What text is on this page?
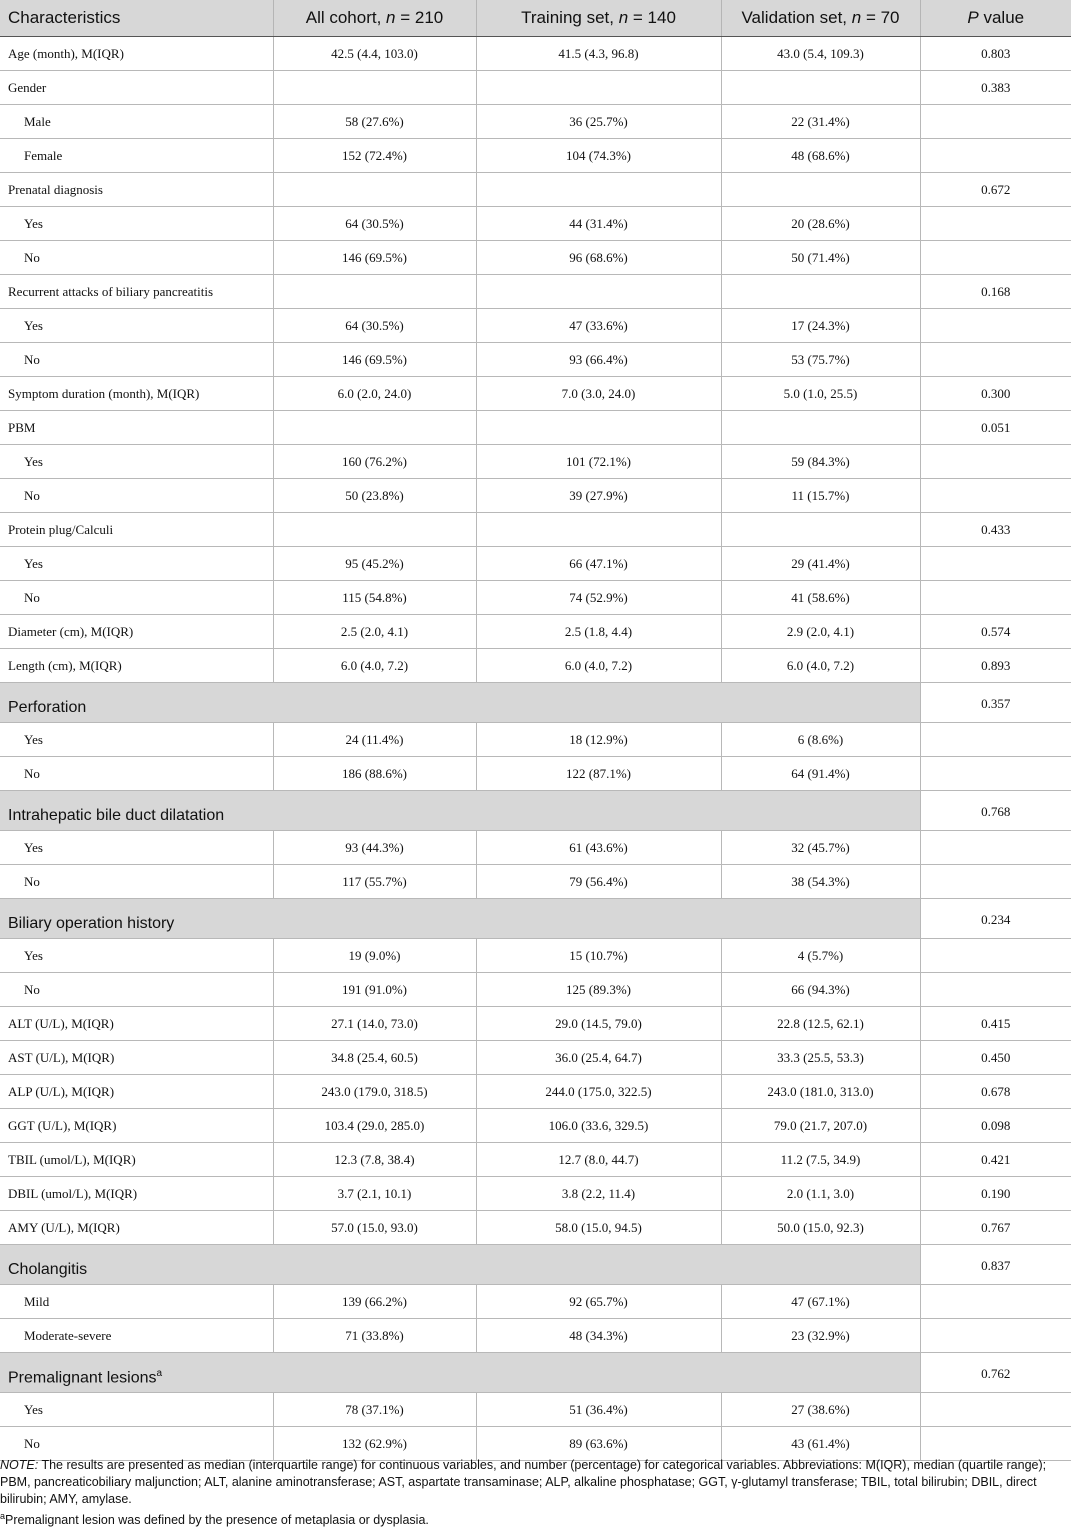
Characteristics	All cohort, n = 210	Training set, n = 140	Validation set, n = 70	P value
Age (month), M(IQR)	42.5 (4.4, 103.0)	41.5 (4.3, 96.8)	43.0 (5.4, 109.3)	0.803
Gender				0.383
Male	58 (27.6%)	36 (25.7%)	22 (31.4%)	
Female	152 (72.4%)	104 (74.3%)	48 (68.6%)	
Prenatal diagnosis				0.672
Yes	64 (30.5%)	44 (31.4%)	20 (28.6%)	
No	146 (69.5%)	96 (68.6%)	50 (71.4%)	
Recurrent attacks of biliary pancreatitis				0.168
Yes	64 (30.5%)	47 (33.6%)	17 (24.3%)	
No	146 (69.5%)	93 (66.4%)	53 (75.7%)	
Symptom duration (month), M(IQR)	6.0 (2.0, 24.0)	7.0 (3.0, 24.0)	5.0 (1.0, 25.5)	0.300
PBM				0.051
Yes	160 (76.2%)	101 (72.1%)	59 (84.3%)	
No	50 (23.8%)	39 (27.9%)	11 (15.7%)	
Protein plug/Calculi				0.433
Yes	95 (45.2%)	66 (47.1%)	29 (41.4%)	
No	115 (54.8%)	74 (52.9%)	41 (58.6%)	
Diameter (cm), M(IQR)	2.5 (2.0, 4.1)	2.5 (1.8, 4.4)	2.9 (2.0, 4.1)	0.574
Length (cm), M(IQR)	6.0 (4.0, 7.2)	6.0 (4.0, 7.2)	6.0 (4.0, 7.2)	0.893
Perforation				0.357
Yes	24 (11.4%)	18 (12.9%)	6 (8.6%)	
No	186 (88.6%)	122 (87.1%)	64 (91.4%)	
Intrahepatic bile duct dilatation				0.768
Yes	93 (44.3%)	61 (43.6%)	32 (45.7%)	
No	117 (55.7%)	79 (56.4%)	38 (54.3%)	
Biliary operation history				0.234
Yes	19 (9.0%)	15 (10.7%)	4 (5.7%)	
No	191 (91.0%)	125 (89.3%)	66 (94.3%)	
ALT (U/L), M(IQR)	27.1 (14.0, 73.0)	29.0 (14.5, 79.0)	22.8 (12.5, 62.1)	0.415
AST (U/L), M(IQR)	34.8 (25.4, 60.5)	36.0 (25.4, 64.7)	33.3 (25.5, 53.3)	0.450
ALP (U/L), M(IQR)	243.0 (179.0, 318.5)	244.0 (175.0, 322.5)	243.0 (181.0, 313.0)	0.678
GGT (U/L), M(IQR)	103.4 (29.0, 285.0)	106.0 (33.6, 329.5)	79.0 (21.7, 207.0)	0.098
TBIL (umol/L), M(IQR)	12.3 (7.8, 38.4)	12.7 (8.0, 44.7)	11.2 (7.5, 34.9)	0.421
DBIL (umol/L), M(IQR)	3.7 (2.1, 10.1)	3.8 (2.2, 11.4)	2.0 (1.1, 3.0)	0.190
AMY (U/L), M(IQR)	57.0 (15.0, 93.0)	58.0 (15.0, 94.5)	50.0 (15.0, 92.3)	0.767
Cholangitis				0.837
Mild	139 (66.2%)	92 (65.7%)	47 (67.1%)	
Moderate-severe	71 (33.8%)	48 (34.3%)	23 (32.9%)	
Premalignant lesions$^a$				0.762
Yes	78 (37.1%)	51 (36.4%)	27 (38.6%)	
No	132 (62.9%)	89 (63.6%)	43 (61.4%)	

NOTE: The results are presented as median (interquartile range) for continuous variables, and number (percentage) for categorical variables. Abbreviations: M(IQR), median (quartile range); PBM, pancreaticobiliary maljunction; ALT, alanine aminotransferase; AST, aspartate transaminase; ALP, alkaline phosphatase; GGT, γ-glutamyl transferase; TBIL, total bilirubin; DBIL, direct bilirubin; AMY, amylase.

$^a$Premalignant lesion was defined by the presence of metaplasia or dysplasia.
